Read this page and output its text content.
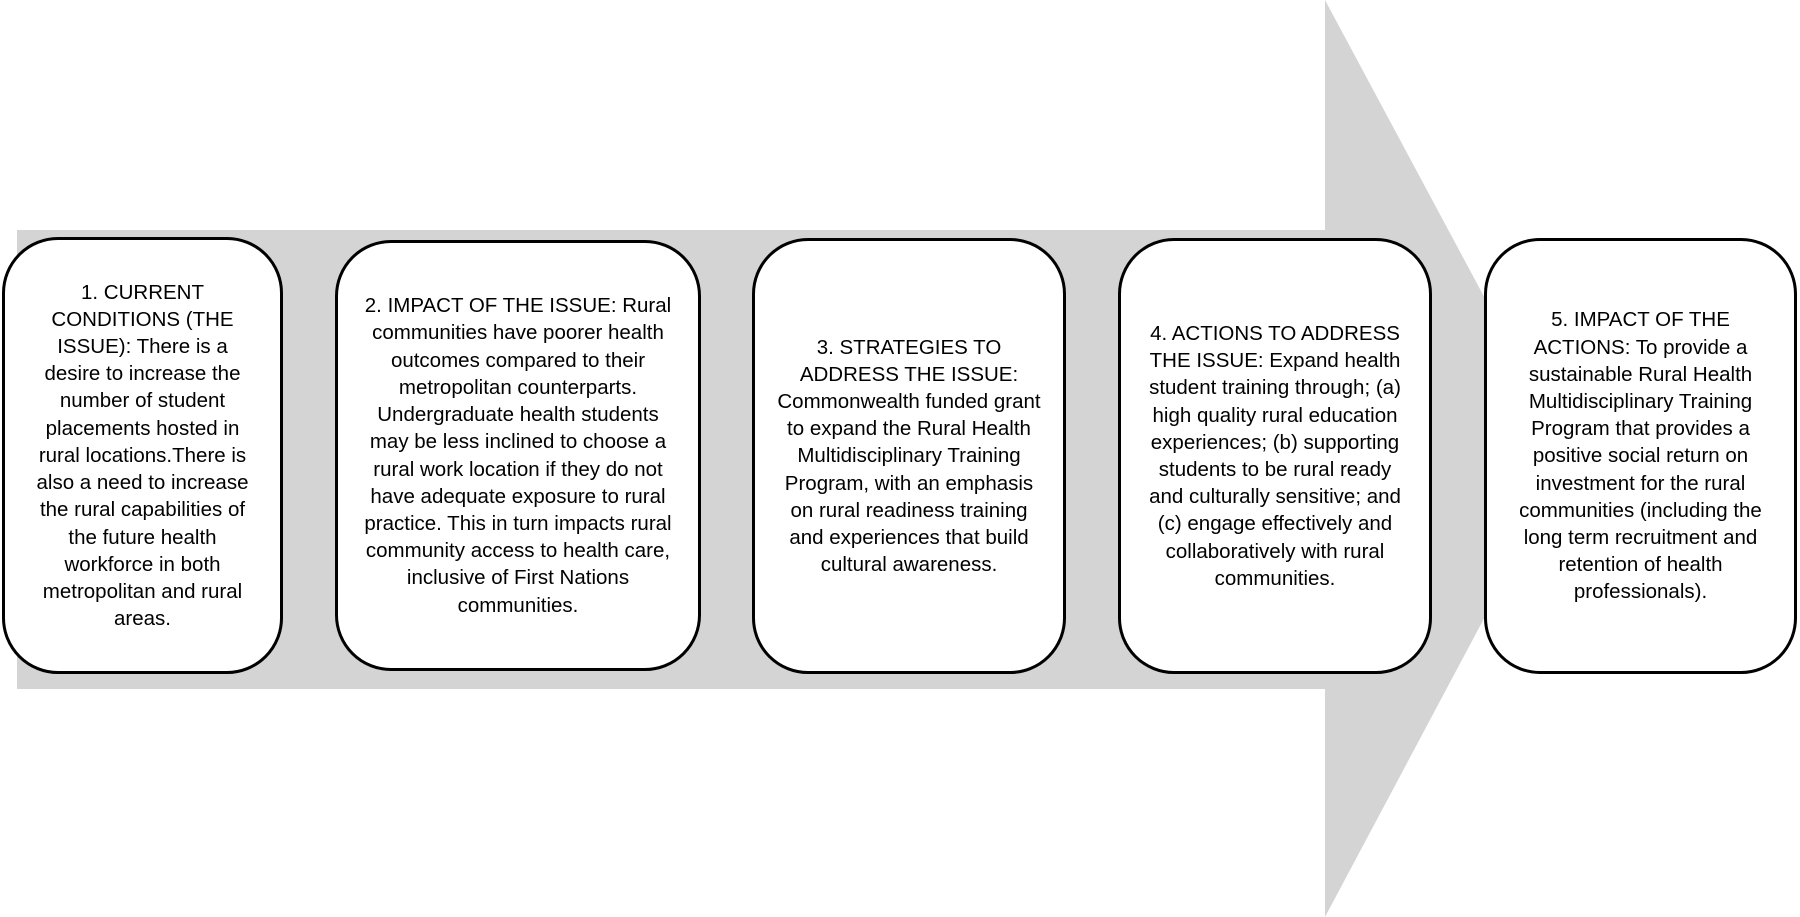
1. CURRENT CONDITIONS (THE ISSUE): There is a desire to increase the number of student placements hosted in rural locations.There is also a need to increase the rural capabilities of the future health workforce in both metropolitan and rural areas.
2. IMPACT OF THE ISSUE: Rural communities have poorer health outcomes compared to their metropolitan counterparts. Undergraduate health students may be less inclined to choose a rural work location if they do not have adequate exposure to rural practice. This in turn impacts rural community access to health care, inclusive of First Nations communities.
3. STRATEGIES TO ADDRESS THE ISSUE: Commonwealth funded grant to expand the Rural Health Multidisciplinary Training Program, with an emphasis on rural readiness training and experiences that build cultural awareness.
4. ACTIONS TO ADDRESS THE ISSUE: Expand health student training through; (a) high quality rural education experiences; (b) supporting students to be rural ready and culturally sensitive; and (c) engage effectively and collaboratively with rural communities.
5. IMPACT OF THE ACTIONS: To provide a sustainable Rural Health Multidisciplinary Training Program that provides a positive social return on investment for the rural communities (including the long term recruitment and retention of health professionals).
